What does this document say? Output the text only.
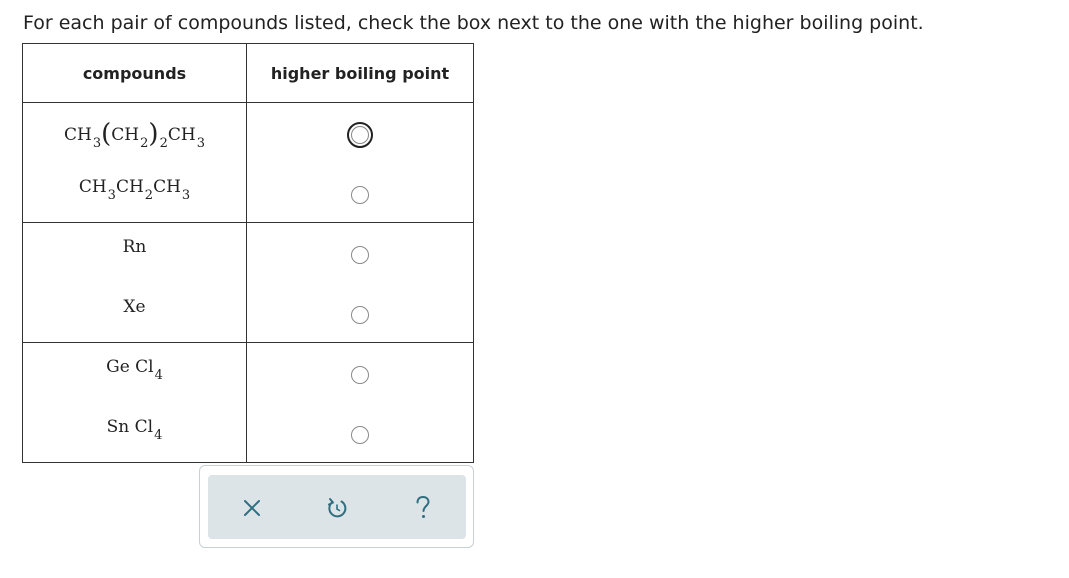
For each pair of compounds listed, check the box next to the one with the higher boiling point.
compounds	higher boiling point

$CH_3(CH_2)_2CH_3$
$CH_3CH_2CH_3$

Rn
Xe	

Ge $Cl_4$
Sn $Cl_4$
